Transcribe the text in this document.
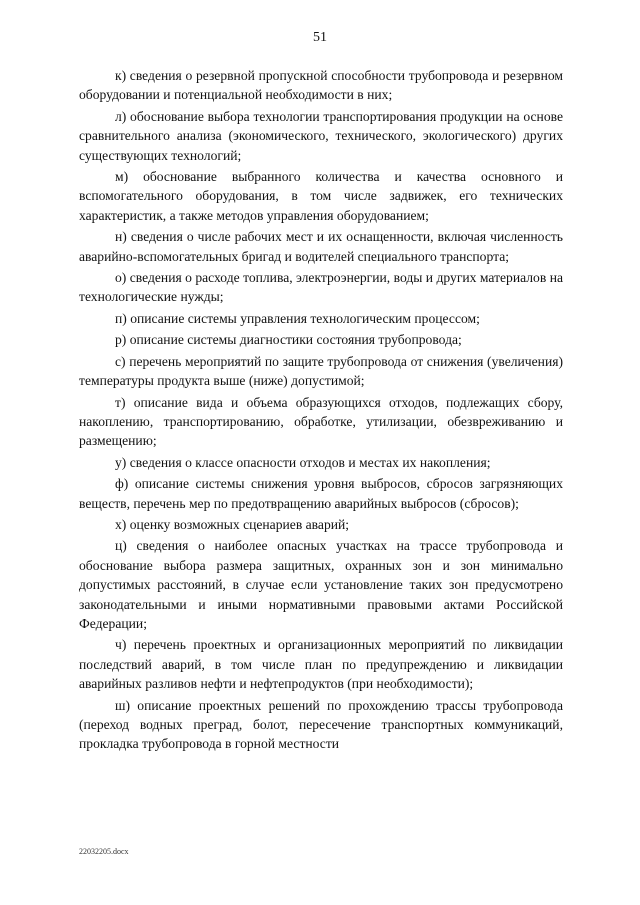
51

к) сведения о резервной пропускной способности трубопровода и резервном оборудовании и потенциальной необходимости в них;

л) обоснование выбора технологии транспортирования продукции на основе сравнительного анализа (экономического, технического, экологического) других существующих технологий;

м) обоснование выбранного количества и качества основного и вспомогательного оборудования, в том числе задвижек, его технических характеристик, а также методов управления оборудованием;

н) сведения о числе рабочих мест и их оснащенности, включая численность аварийно-вспомогательных бригад и водителей специального транспорта;

о) сведения о расходе топлива, электроэнергии, воды и других материалов на технологические нужды;

п) описание системы управления технологическим процессом;

р) описание системы диагностики состояния трубопровода;

с) перечень мероприятий по защите трубопровода от снижения (увеличения) температуры продукта выше (ниже) допустимой;

т) описание вида и объема образующихся отходов, подлежащих сбору, накоплению, транспортированию, обработке, утилизации, обезвреживанию и размещению;

у) сведения о классе опасности отходов и местах их накопления;

ф) описание системы снижения уровня выбросов, сбросов загрязняющих веществ, перечень мер по предотвращению аварийных выбросов (сбросов);

х) оценку возможных сценариев аварий;

ц) сведения о наиболее опасных участках на трассе трубопровода и обоснование выбора размера защитных, охранных зон и зон минимально допустимых расстояний, в случае если установление таких зон предусмотрено законодательными и иными нормативными правовыми актами Российской Федерации;

ч) перечень проектных и организационных мероприятий по ликвидации последствий аварий, в том числе план по предупреждению и ликвидации аварийных разливов нефти и нефтепродуктов (при необходимости);

ш) описание проектных решений по прохождению трассы трубопровода (переход водных преград, болот, пересечение транспортных коммуникаций, прокладка трубопровода в горной местности

22032205.docx
